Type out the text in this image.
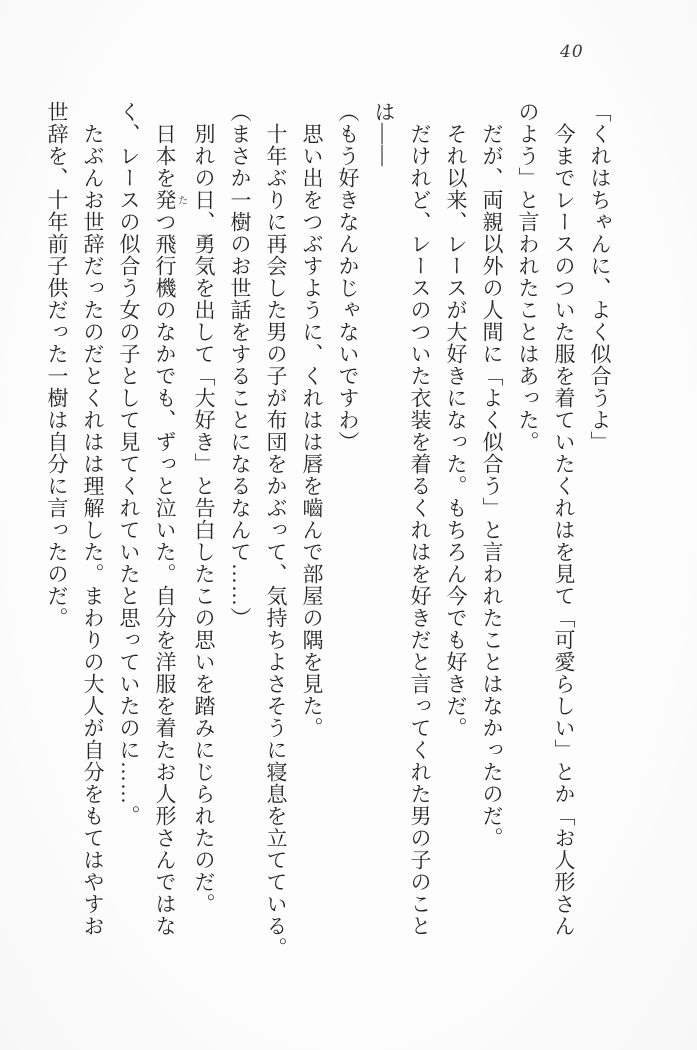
40

「くれはちゃんに、よく似合うよ」

今までレースのついた服を着ていたくれはを見て「可愛らしい」とか「お人形さん

のよう」と言われたことはあった。

だが、両親以外の人間に「よく似合う」と言われたことはなかったのだ。

それ以来、レースが大好きになった。もちろん今でも好きだ。

だけれど、レースのついた衣装を着るくれはを好きだと言ってくれた男の子のこと

は――

（もう好きなんかじゃないですわ）

思い出をつぶすように、くれはは唇を嚙んで部屋の隅を見た。

十年ぶりに再会した男の子が布団をかぶって、気持ちよさそうに寝息を立てている。

（まさか一樹のお世話をすることになるなんて……）

別れの日、勇気を出して「大好き」と告白したこの思いを踏みにじられたのだ。

日本を発たつ飛行機のなかでも、ずっと泣いた。自分を洋服を着たお人形さんではな

く、レースの似合う女の子として見てくれていたと思っていたのに……。

たぶんお世辞だったのだとくれはは理解した。まわりの大人が自分をもてはやすお

世辞を、十年前子供だった一樹は自分に言ったのだ。
